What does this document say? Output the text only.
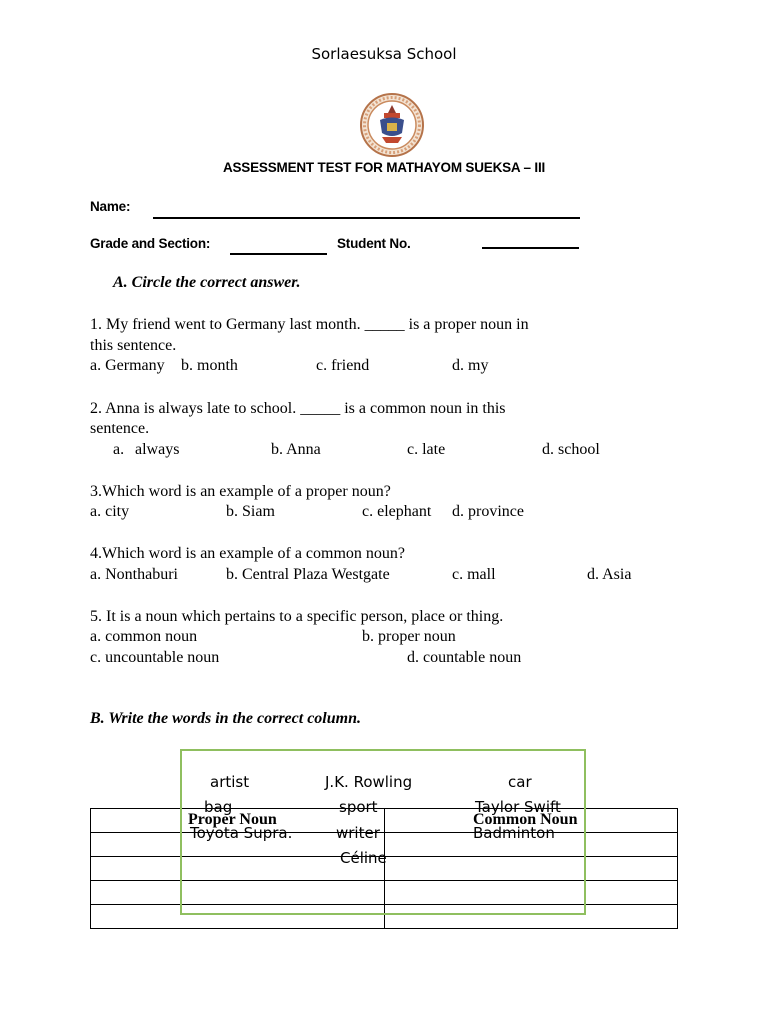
Sorlaesuksa School
ASSESSMENT TEST FOR MATHAYOM SUEKSA – III
Name:
Grade and Section:	Student No.
A. Circle the correct answer.
1. My friend went to Germany last month. _____ is a proper noun in
this sentence.
a. Germany b. month	c. friend	d. my
2. Anna is always late to school. _____ is a common noun in this
sentence.
a. always	b. Anna	c. late	d. school
3.Which word is an example of a proper noun?
a. city	b. Siam	c. elephant d. province
4.Which word is an example of a common noun?
a. Nonthaburi	b. Central Plaza Westgate	c. mall	d. Asia
5. It is a noun which pertains to a specific person, place or thing.
a. common noun	b. proper noun
c. uncountable noun	d. countable noun
B. Write the words in the correct column.

Proper Noun	Common Noun
artist	J.K. Rowling	car
bag	sport	Taylor Swift
Toyota Supra.	writer	Badminton
Céline
